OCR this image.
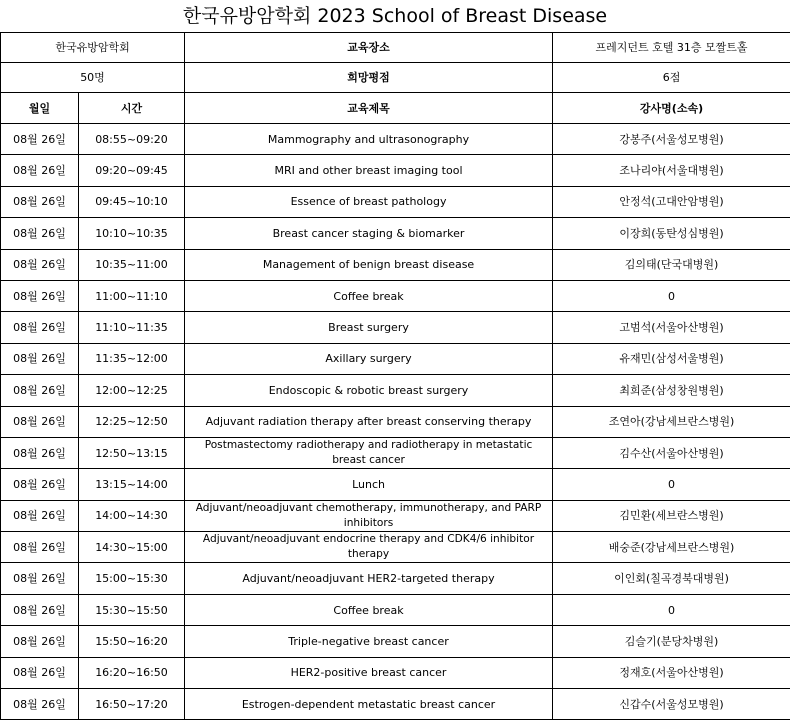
한국유방암학회 2023 School of Breast Disease
한국유방암학회		교육장소	프레지던트 호텔 31층 모짤트홀
50명		희망평점	6점
월일	시간	교육제목	강사명(소속)
08월 26일	08:55~09:20	Mammography and ultrasonography	강봉주(서울성모병원)
08월 26일	09:20~09:45	MRI and other breast imaging tool	조나리야(서울대병원)
08월 26일	09:45~10:10	Essence of breast pathology	안정석(고대안암병원)
08월 26일	10:10~10:35	Breast cancer staging & biomarker	이장희(동탄성심병원)
08월 26일	10:35~11:00	Management of benign breast disease	김의태(단국대병원)
08월 26일	11:00~11:10	Coffee break	0
08월 26일	11:10~11:35	Breast surgery	고범석(서울아산병원)
08월 26일	11:35~12:00	Axillary surgery	유재민(삼성서울병원)
08월 26일	12:00~12:25	Endoscopic & robotic breast surgery	최희준(삼성창원병원)
08월 26일	12:25~12:50	Adjuvant radiation therapy after breast conserving therapy	조연아(강남세브란스병원)
08월 26일	12:50~13:15	Postmastectomy radiotherapy and radiotherapy in metastatic breast cancer	김수산(서울아산병원)
08월 26일	13:15~14:00	Lunch	0
08월 26일	14:00~14:30	Adjuvant/neoadjuvant chemotherapy, immunotherapy, and PARP inhibitors	김민환(세브란스병원)
08월 26일	14:30~15:00	Adjuvant/neoadjuvant endocrine therapy and CDK4/6 inhibitor therapy	배숭준(강남세브란스병원)
08월 26일	15:00~15:30	Adjuvant/neoadjuvant HER2-targeted therapy	이인회(칠곡경북대병원)
08월 26일	15:30~15:50	Coffee break	0
08월 26일	15:50~16:20	Triple-negative breast cancer	김슬기(분당차병원)
08월 26일	16:20~16:50	HER2-positive breast cancer	정재호(서울아산병원)
08월 26일	16:50~17:20	Estrogen-dependent metastatic breast cancer	신갑수(서울성모병원)
